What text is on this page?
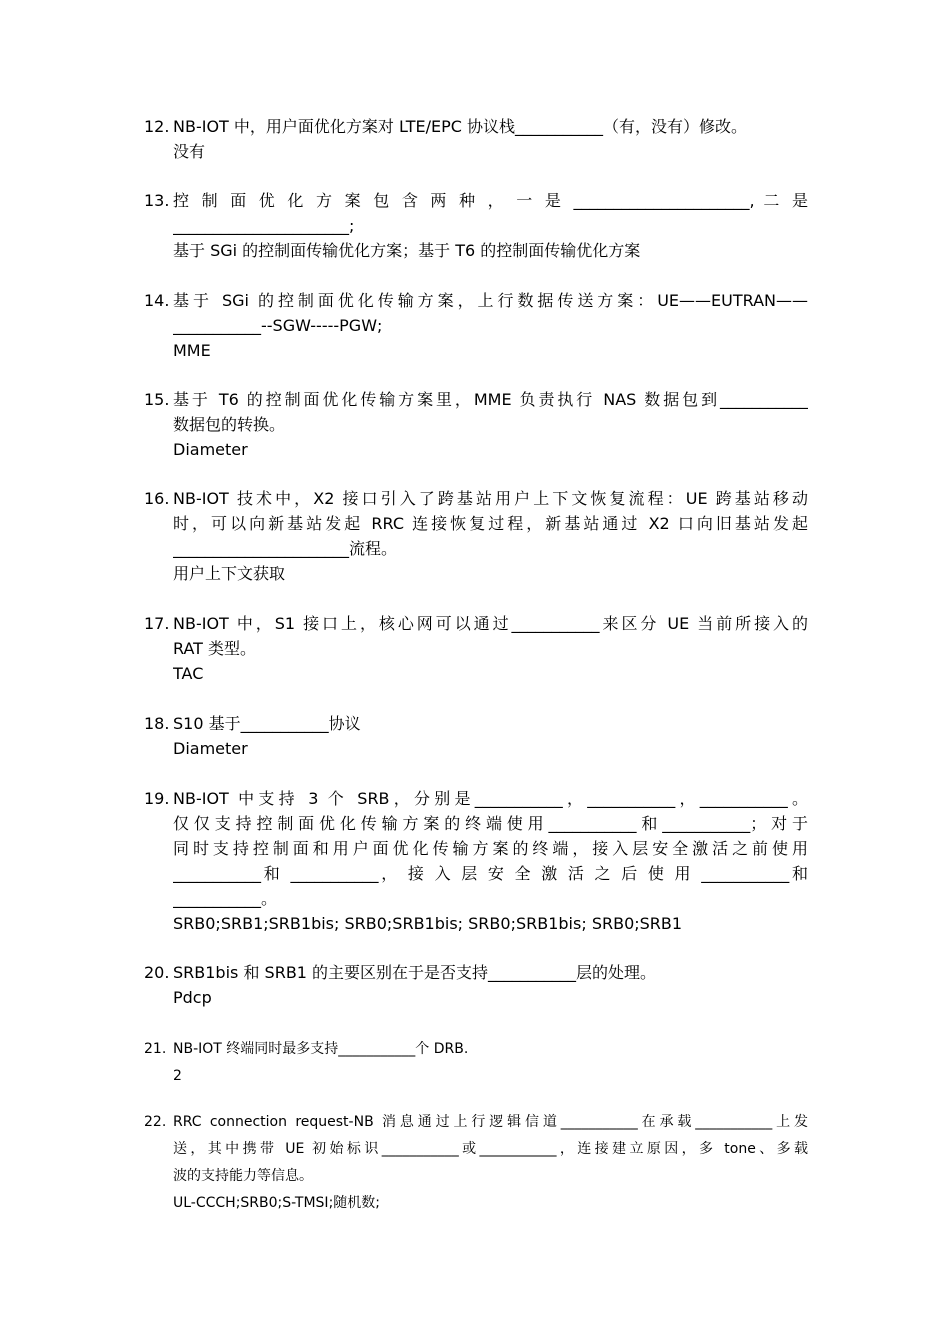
12. NB-IOT 中，用户面优化方案对 LTE/EPC 协议栈___________（有，没有）修改。
没有
13. 控 制 面 优 化 方 案 包 含 两 种 ， 一 是 ______________________, 二 是
______________________;
基于 SGi 的控制面传输优化方案；基于 T6 的控制面传输优化方案
14. 基于 SGi 的控制面优化传输方案，上行数据传送方案：UE——EUTRAN——
___________--SGW-----PGW;
MME
15. 基于 T6 的控制面优化传输方案里，MME 负责执行 NAS 数据包到___________
数据包的转换。
Diameter
16. NB-IOT 技术中，X2 接口引入了跨基站用户上下文恢复流程：UE 跨基站移动
时，可以向新基站发起 RRC 连接恢复过程，新基站通过 X2 口向旧基站发起
______________________流程。
用户上下文获取
17. NB-IOT 中，S1 接口上，核心网可以通过___________来区分 UE 当前所接入的
RAT 类型。
TAC
18. S10 基于___________协议
Diameter
19. NB-IOT 中支持 3 个 SRB，分别是___________，___________，___________。
仅仅支持控制面优化传输方案的终端使用___________和___________；对于
同时支持控制面和用户面优化传输方案的终端，接入层安全激活之前使用
___________和 ___________， 接 入 层 安 全 激 活 之 后 使 用 ___________和
___________。
SRB0;SRB1;SRB1bis; SRB0;SRB1bis; SRB0;SRB1bis; SRB0;SRB1
20. SRB1bis 和 SRB1 的主要区别在于是否支持___________层的处理。
Pdcp
21. NB-IOT 终端同时最多支持___________个 DRB.
2
22. RRC connection request-NB 消息通过上行逻辑信道___________在承载___________上发
送，其中携带 UE 初始标识___________或___________，连接建立原因，多 tone、多载
波的支持能力等信息。
UL-CCCH;SRB0;S-TMSI;随机数;
